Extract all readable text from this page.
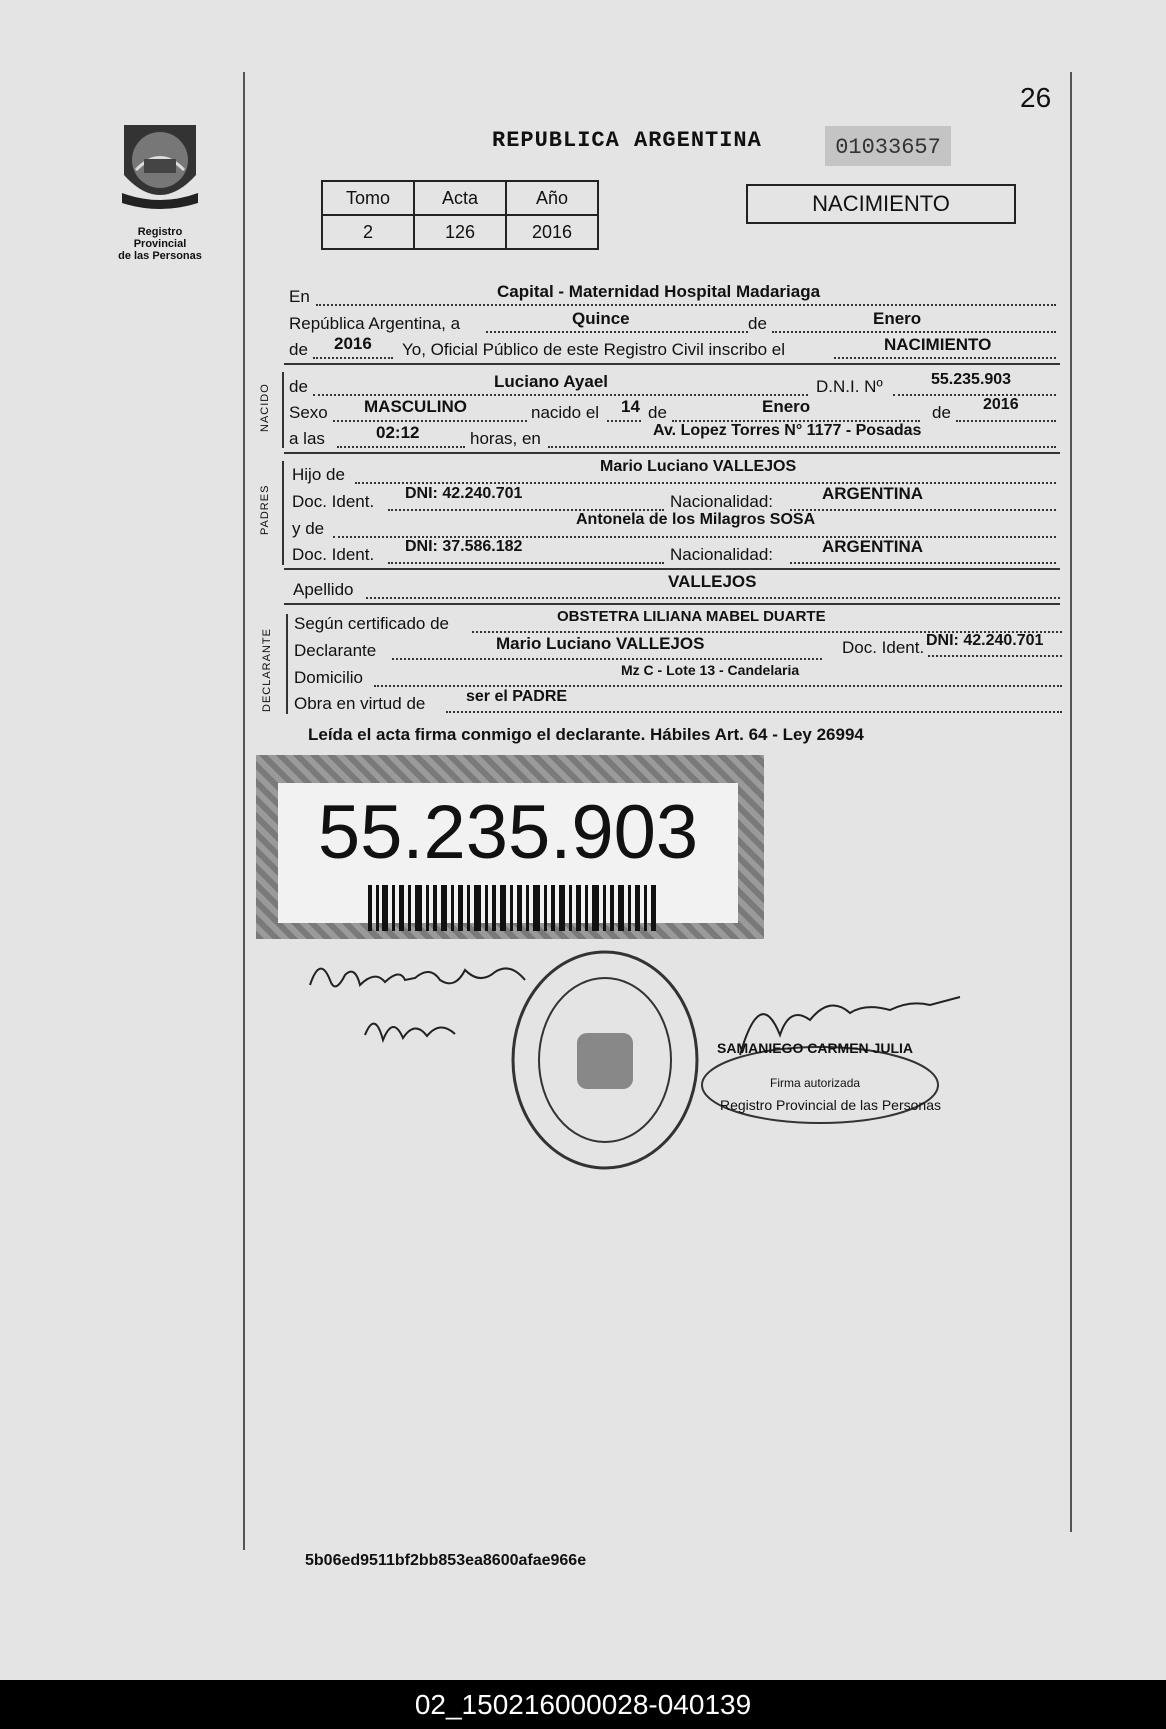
26
Registro Provincial
de las Personas
REPUBLICA ARGENTINA	01033657
Tomo	Acta	Año
2	126	2016
NACIMIENTO
En	Capital - Maternidad Hospital Madariaga
República Argentina, a	Quince	de	Enero
de 2016 Yo, Oficial Público de este Registro Civil inscribo el	NACIMIENTO
NACIDO de	Luciano Ayael	D.N.I. Nº	55.235.903
Sexo MASCULINO	nacido el 14 de	Enero	de 2016
a las	02:12	horas, en	Av. Lopez Torres N° 1177 - Posadas
PADRES
Hijo de	Mario Luciano VALLEJOS
Doc. Ident. DNI: 42.240.701	Nacionalidad:	ARGENTINA
y de	Antonela de los Milagros SOSA
Doc. Ident. DNI: 37.586.182	Nacionalidad:	ARGENTINA
Apellido	VALLEJOS
DECLARANTE
Según certificado de	OBSTETRA LILIANA MABEL DUARTE
Declarante	Mario Luciano VALLEJOS	Doc. Ident. DNI: 42.240.701
Domicilio	Mz C - Lote 13 - Candelaria
Obra en virtud de	ser el PADRE
Leída el acta firma conmigo el declarante. Hábiles Art. 64 - Ley 26994
55.235.903
SAMANIEGO CARMEN JULIA
Firma autorizada
Registro Provincial de las Personas
5b06ed9511bf2bb853ea8600afae966e
02_150216000028-040139
